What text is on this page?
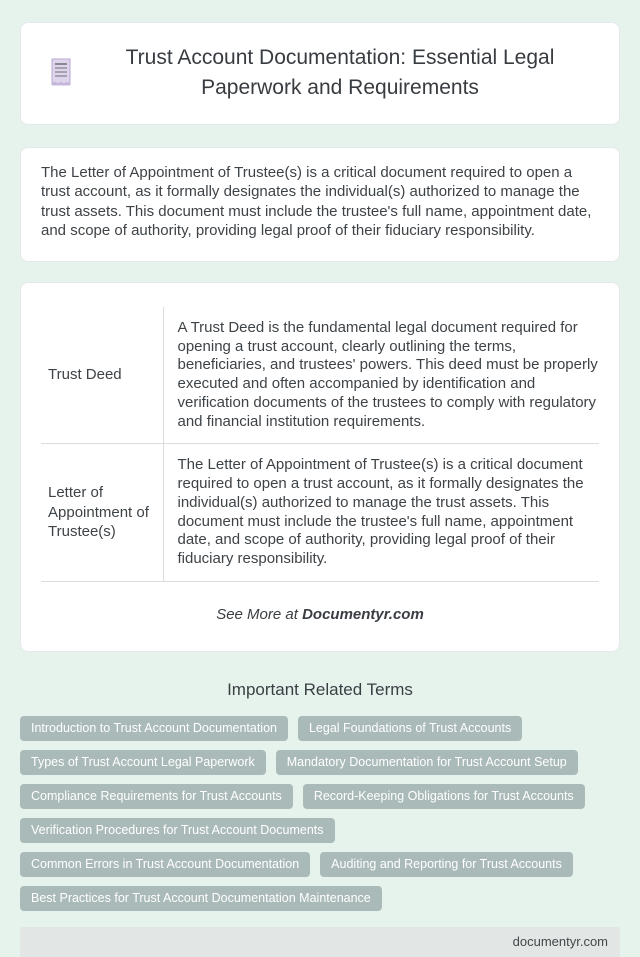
Trust Account Documentation: Essential Legal Paperwork and Requirements

The Letter of Appointment of Trustee(s) is a critical document required to open a trust account, as it formally designates the individual(s) authorized to manage the trust assets. This document must include the trustee's full name, appointment date, and scope of authority, providing legal proof of their fiduciary responsibility.

Trust Deed	A Trust Deed is the fundamental legal document required for opening a trust account, clearly outlining the terms, beneficiaries, and trustees' powers. This deed must be properly executed and often accompanied by identification and verification documents of the trustees to comply with regulatory and financial institution requirements.
Letter of Appointment of Trustee(s)	The Letter of Appointment of Trustee(s) is a critical document required to open a trust account, as it formally designates the individual(s) authorized to manage the trust assets. This document must include the trustee's full name, appointment date, and scope of authority, providing legal proof of their fiduciary responsibility.
See More at Documentyr.com
Important Related Terms
Introduction to Trust Account Documentation	Legal Foundations of Trust Accounts
Types of Trust Account Legal Paperwork	Mandatory Documentation for Trust Account Setup
Compliance Requirements for Trust Accounts	Record-Keeping Obligations for Trust Accounts
Verification Procedures for Trust Account Documents
Common Errors in Trust Account Documentation	Auditing and Reporting for Trust Accounts
Best Practices for Trust Account Documentation Maintenance
documentyr.com
